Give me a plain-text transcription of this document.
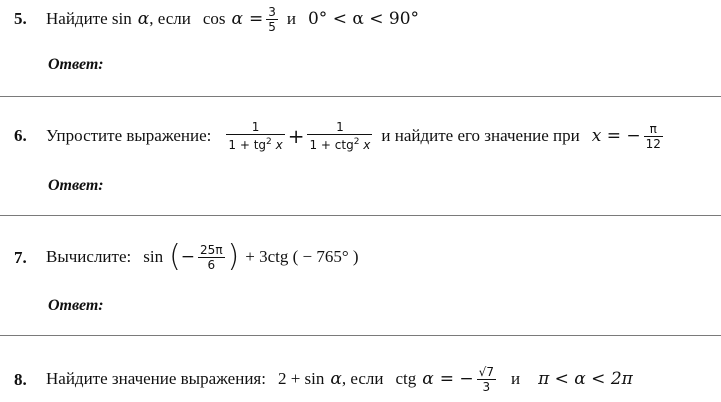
5. Найдите sin α , если $\cos \alpha = \frac{3}{5}$ и 0° < α < 90°
Ответ:
6. Упростите выражение: $\frac{1}{1 + tg^2 x} + \frac{1}{1 + ctg^2 x}$ и найдите его значение при x = − $\frac{\pi}{12}$
Ответ:
7. Вычислите: sin ( − $\frac{25\pi}{6}$ ) + 3ctg ( − 765° )
Ответ:
8. Найдите значение выражения: 2 + sin α , если ctg α = − $\frac{√7}{3}$ и π < α < 2π
